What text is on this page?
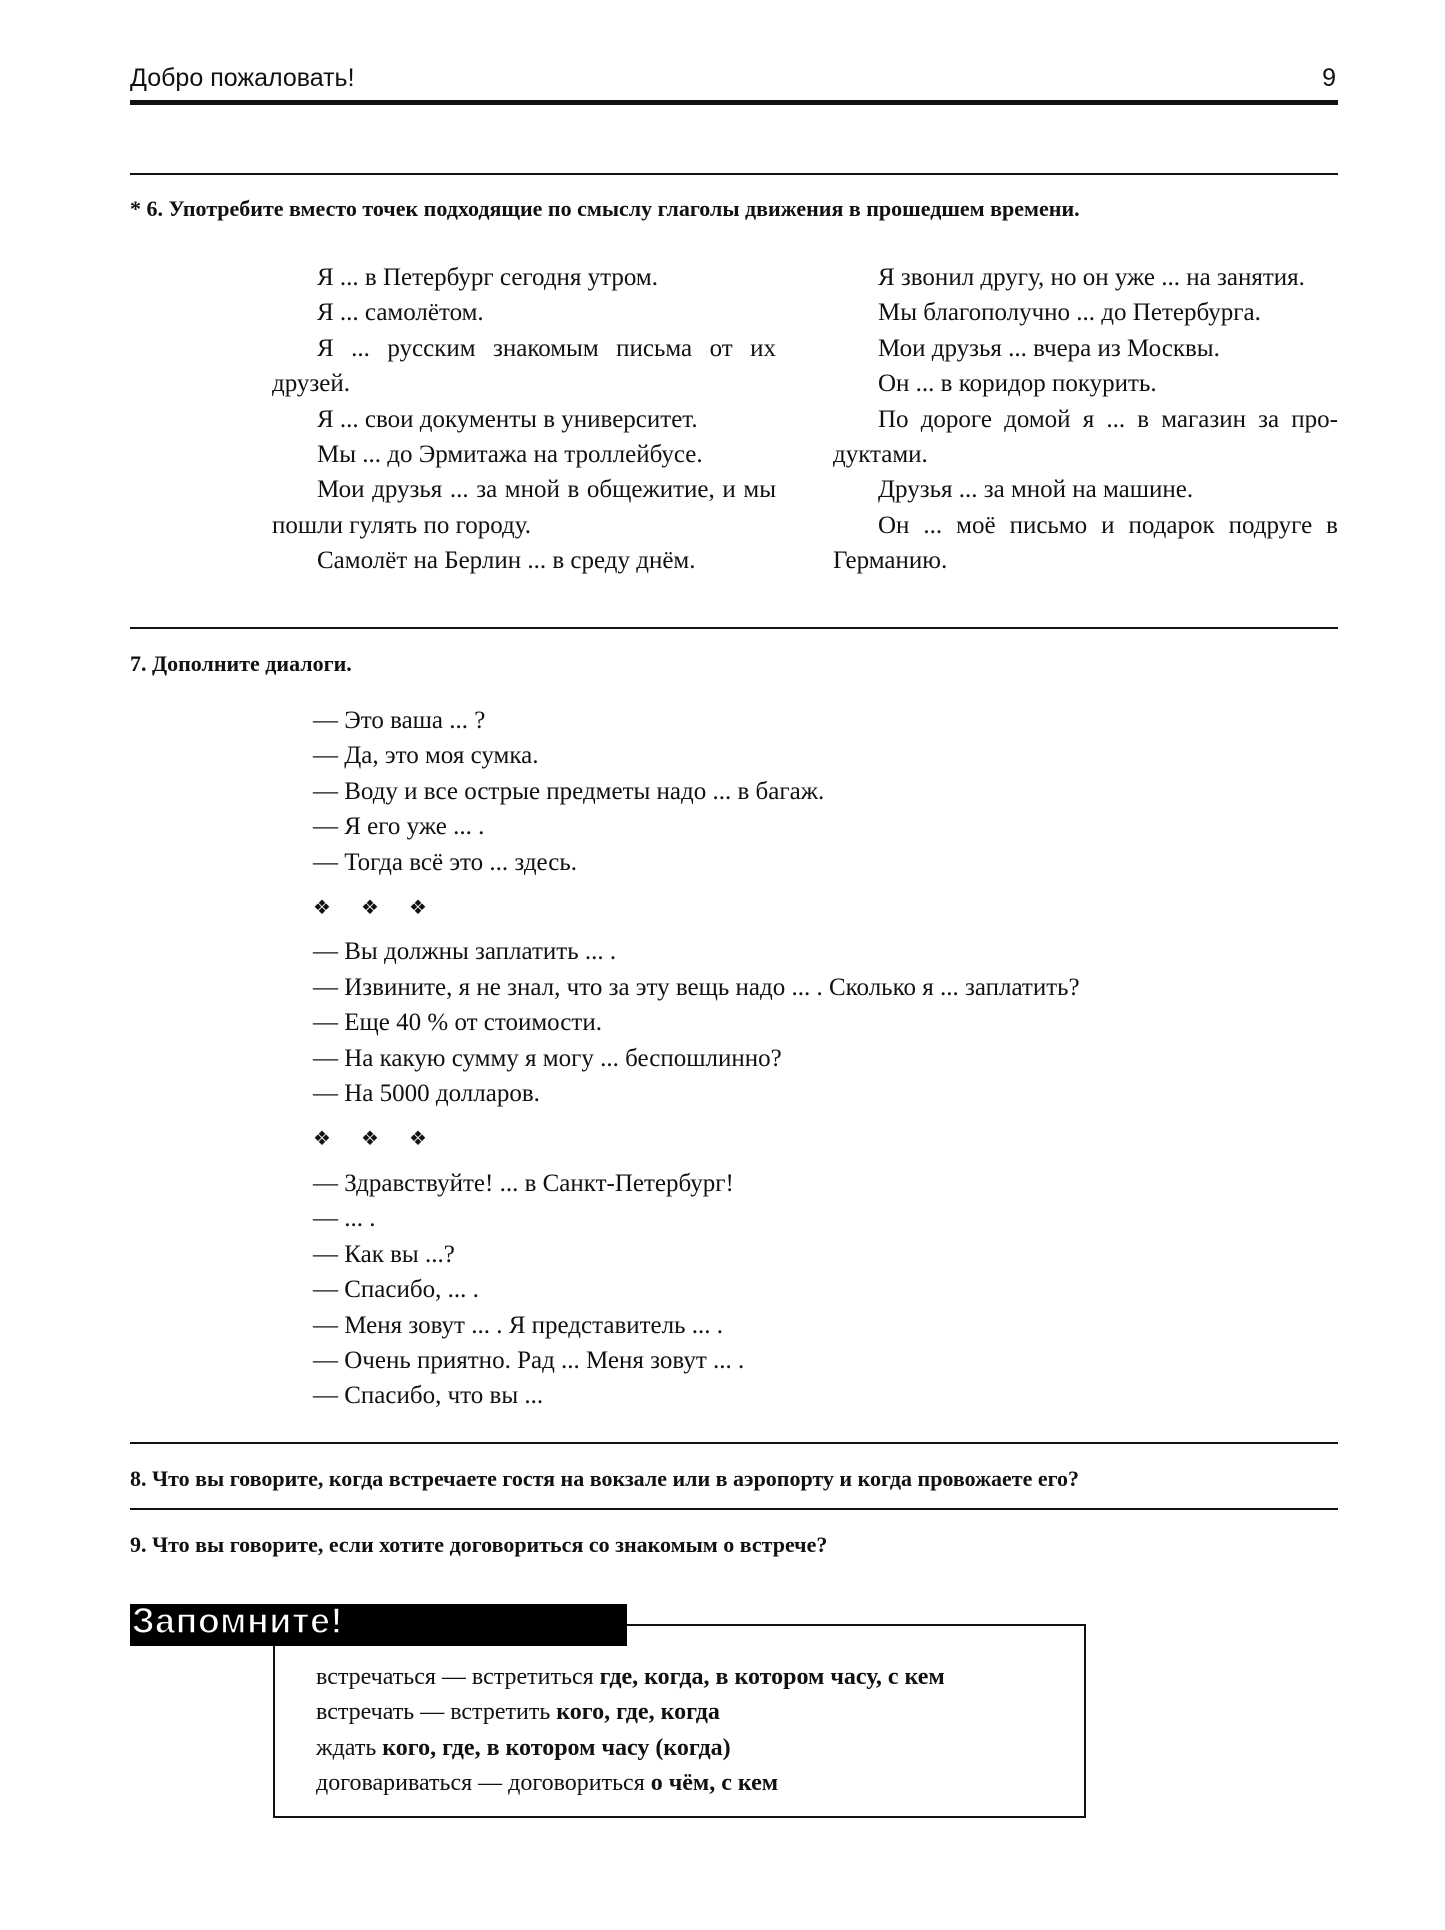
Добро пожаловать!	9
* 6. Употребите вместо точек подходящие по смыслу глаголы движения в прошедшем времени.

Я ... в Петербург сегодня утром.

Я ... самолётом.

Я ... русским знакомым письма от их друзей.

Я ... свои документы в университет.

Мы ... до Эрмитажа на троллейбусе.

Мои друзья ... за мной в общежитие, и мы пошли гулять по городу.

Самолёт на Берлин ... в среду днём.

Я звонил другу, но он уже ... на занятия.

Мы благополучно ... до Петербурга.

Мои друзья ... вчера из Москвы.

Он ... в коридор покурить.

По дороге домой я ... в магазин за про-дуктами.

Друзья ... за мной на машине.

Он ... моё письмо и подарок подруге в Германию.

7. Дополните диалоги.

— Это ваша ... ?

— Да, это моя сумка.

— Воду и все острые предметы надо ... в багаж.

— Я его уже ... .

— Тогда всё это ... здесь.

❖ ❖ ❖

— Вы должны заплатить ... .

— Извините, я не знал, что за эту вещь надо ... . Сколько я ... заплатить?

— Еще 40 % от стоимости.

— На какую сумму я могу ... беспошлинно?

— На 5000 долларов.

❖ ❖ ❖

— Здравствуйте! ... в Санкт-Петербург!

— ... .

— Как вы ...?

— Спасибо, ... .

— Меня зовут ... . Я представитель ... .

— Очень приятно. Рад ... Меня зовут ... .

— Спасибо, что вы ...

8. Что вы говорите, когда встречаете гостя на вокзале или в аэропорту и когда провожаете его?
9. Что вы говорите, если хотите договориться со знакомым о встрече?
Запомните!

встречаться — встретиться где, когда, в котором часу, с кем

встречать — встретить кого, где, когда

ждать кого, где, в котором часу (когда)

договариваться — договориться о чём, с кем
